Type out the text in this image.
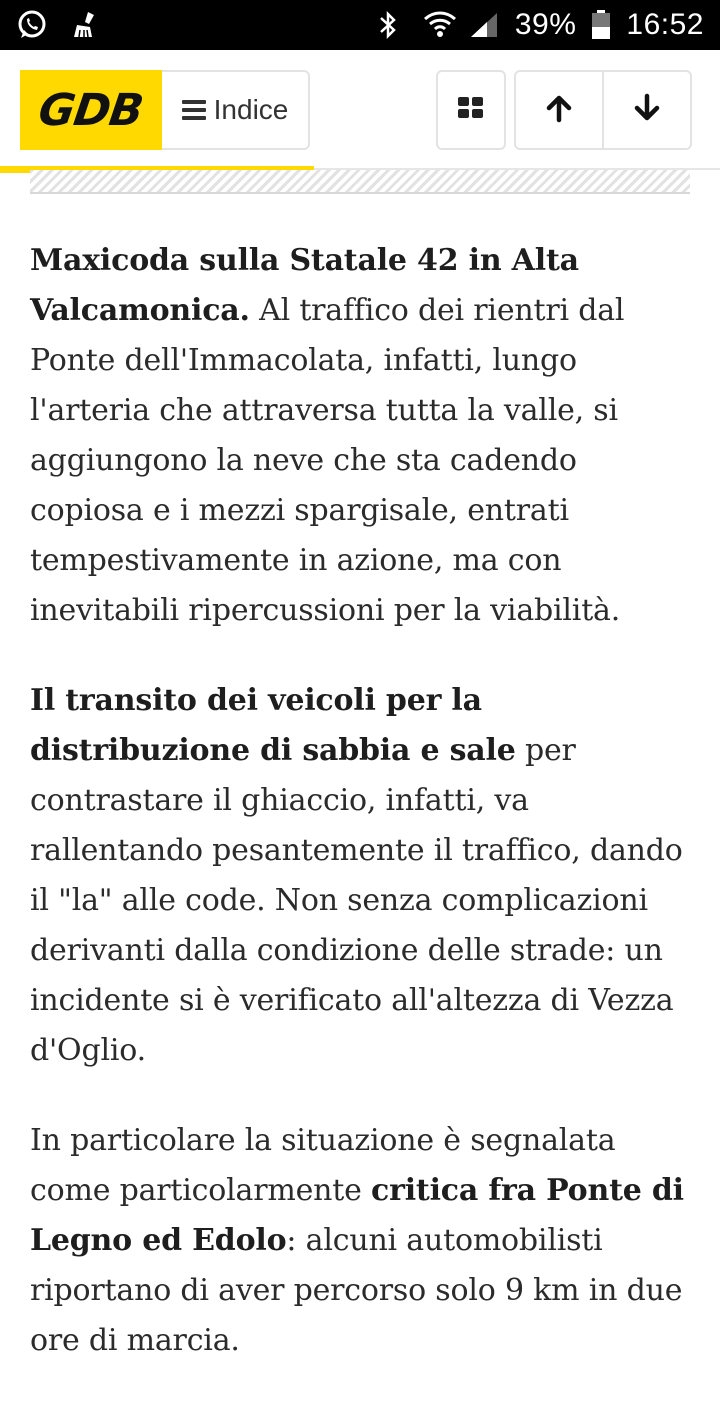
39% 16:52
GDB Indice

Maxicoda sulla Statale 42 in Alta Valcamonica. Al traffico dei rientri dal Ponte dell'Immacolata, infatti, lungo l'arteria che attraversa tutta la valle, si aggiungono la neve che sta cadendo copiosa e i mezzi spargisale, entrati tempestivamente in azione, ma con inevitabili ripercussioni per la viabilità.

Il transito dei veicoli per la distribuzione di sabbia e sale per contrastare il ghiaccio, infatti, va rallentando pesantemente il traffico, dando il "la" alle code. Non senza complicazioni derivanti dalla condizione delle strade: un incidente si è verificato all'altezza di Vezza d'Oglio.

In particolare la situazione è segnalata come particolarmente critica fra Ponte di Legno ed Edolo: alcuni automobilisti riportano di aver percorso solo 9 km in due ore di marcia.
